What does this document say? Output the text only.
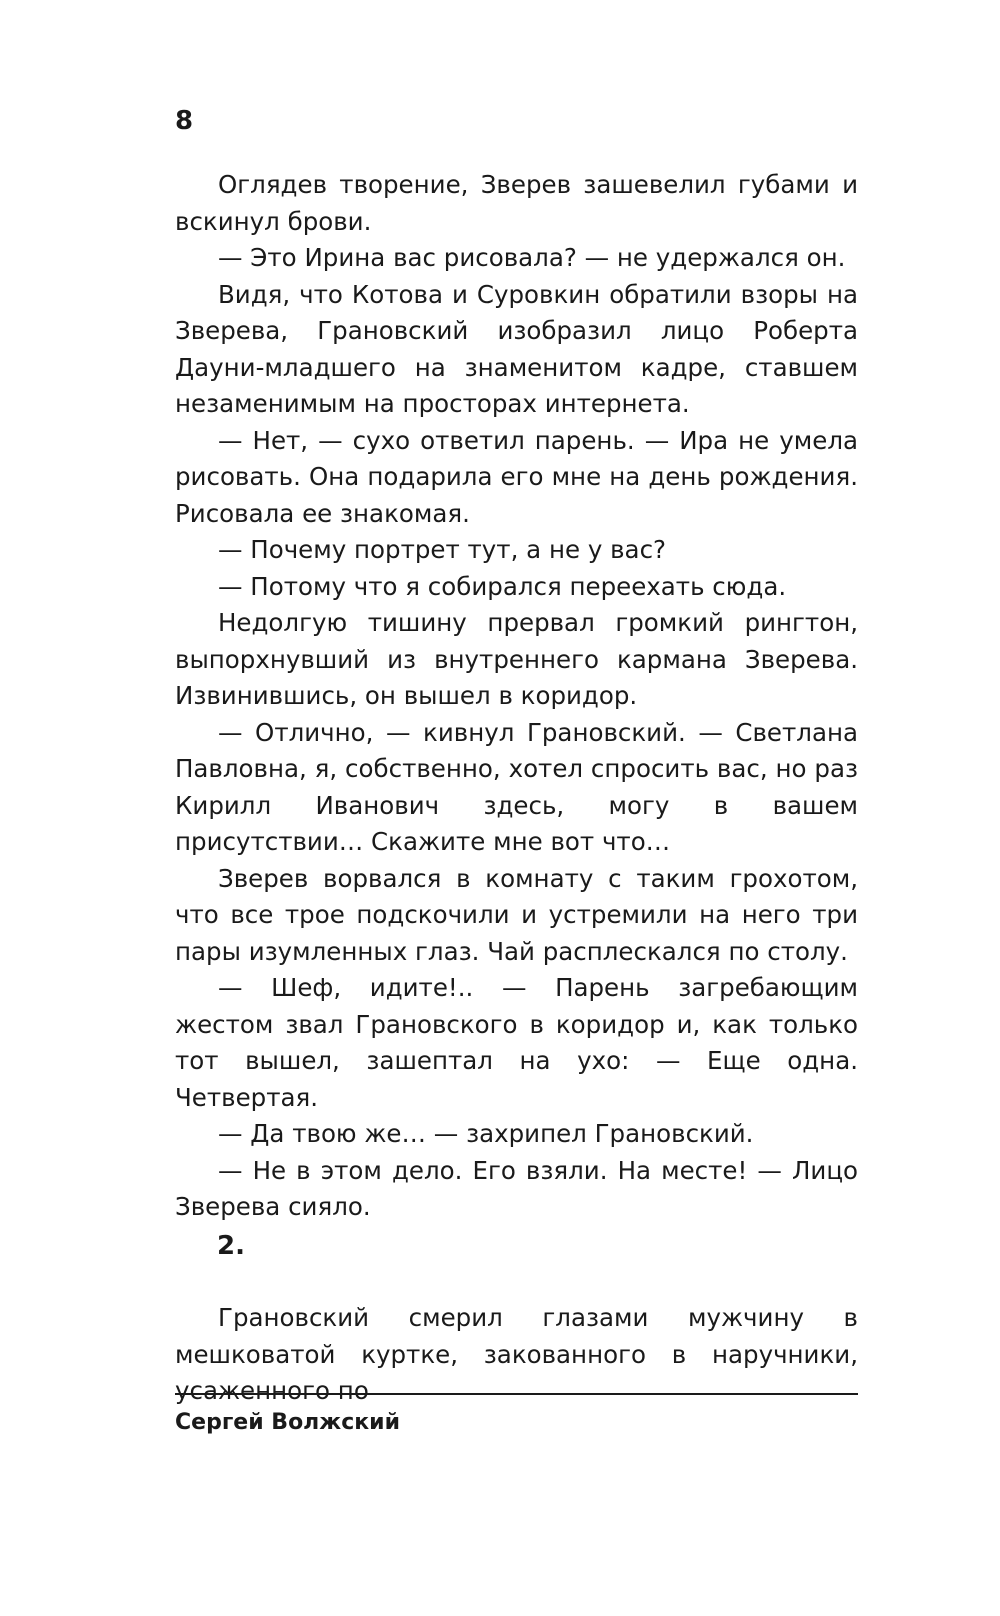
8

Оглядев творение, Зверев зашевелил губами и вскинул брови.

— Это Ирина вас рисовала? — не удержался он.

Видя, что Котова и Суровкин обратили взоры на Зверева, Грановский изобразил лицо Роберта Дауни-младшего на знаменитом кадре, ставшем незаменимым на просторах интернета.

— Нет, — сухо ответил парень. — Ира не умела рисовать. Она подарила его мне на день рождения. Рисовала ее знакомая.

— Почему портрет тут, а не у вас?

— Потому что я собирался переехать сюда.

Недолгую тишину прервал громкий рингтон, выпорхнувший из внутреннего кармана Зверева. Извинившись, он вышел в коридор.

— Отлично, — кивнул Грановский. — Светлана Павловна, я, собственно, хотел спросить вас, но раз Кирилл Иванович здесь, могу в вашем присутствии… Скажите мне вот что…

Зверев ворвался в комнату с таким грохотом, что все трое подскочили и устремили на него три пары изумленных глаз. Чай расплескался по столу.

— Шеф, идите!.. — Парень загребающим жестом звал Грановского в коридор и, как только тот вышел, зашептал на ухо: — Еще одна. Четвертая.

— Да твою же… — захрипел Грановский.

— Не в этом дело. Его взяли. На месте! — Лицо Зверева сияло.

2.

Грановский смерил глазами мужчину в мешковатой куртке, закованного в наручники, усаженного по

Сергей Волжский
